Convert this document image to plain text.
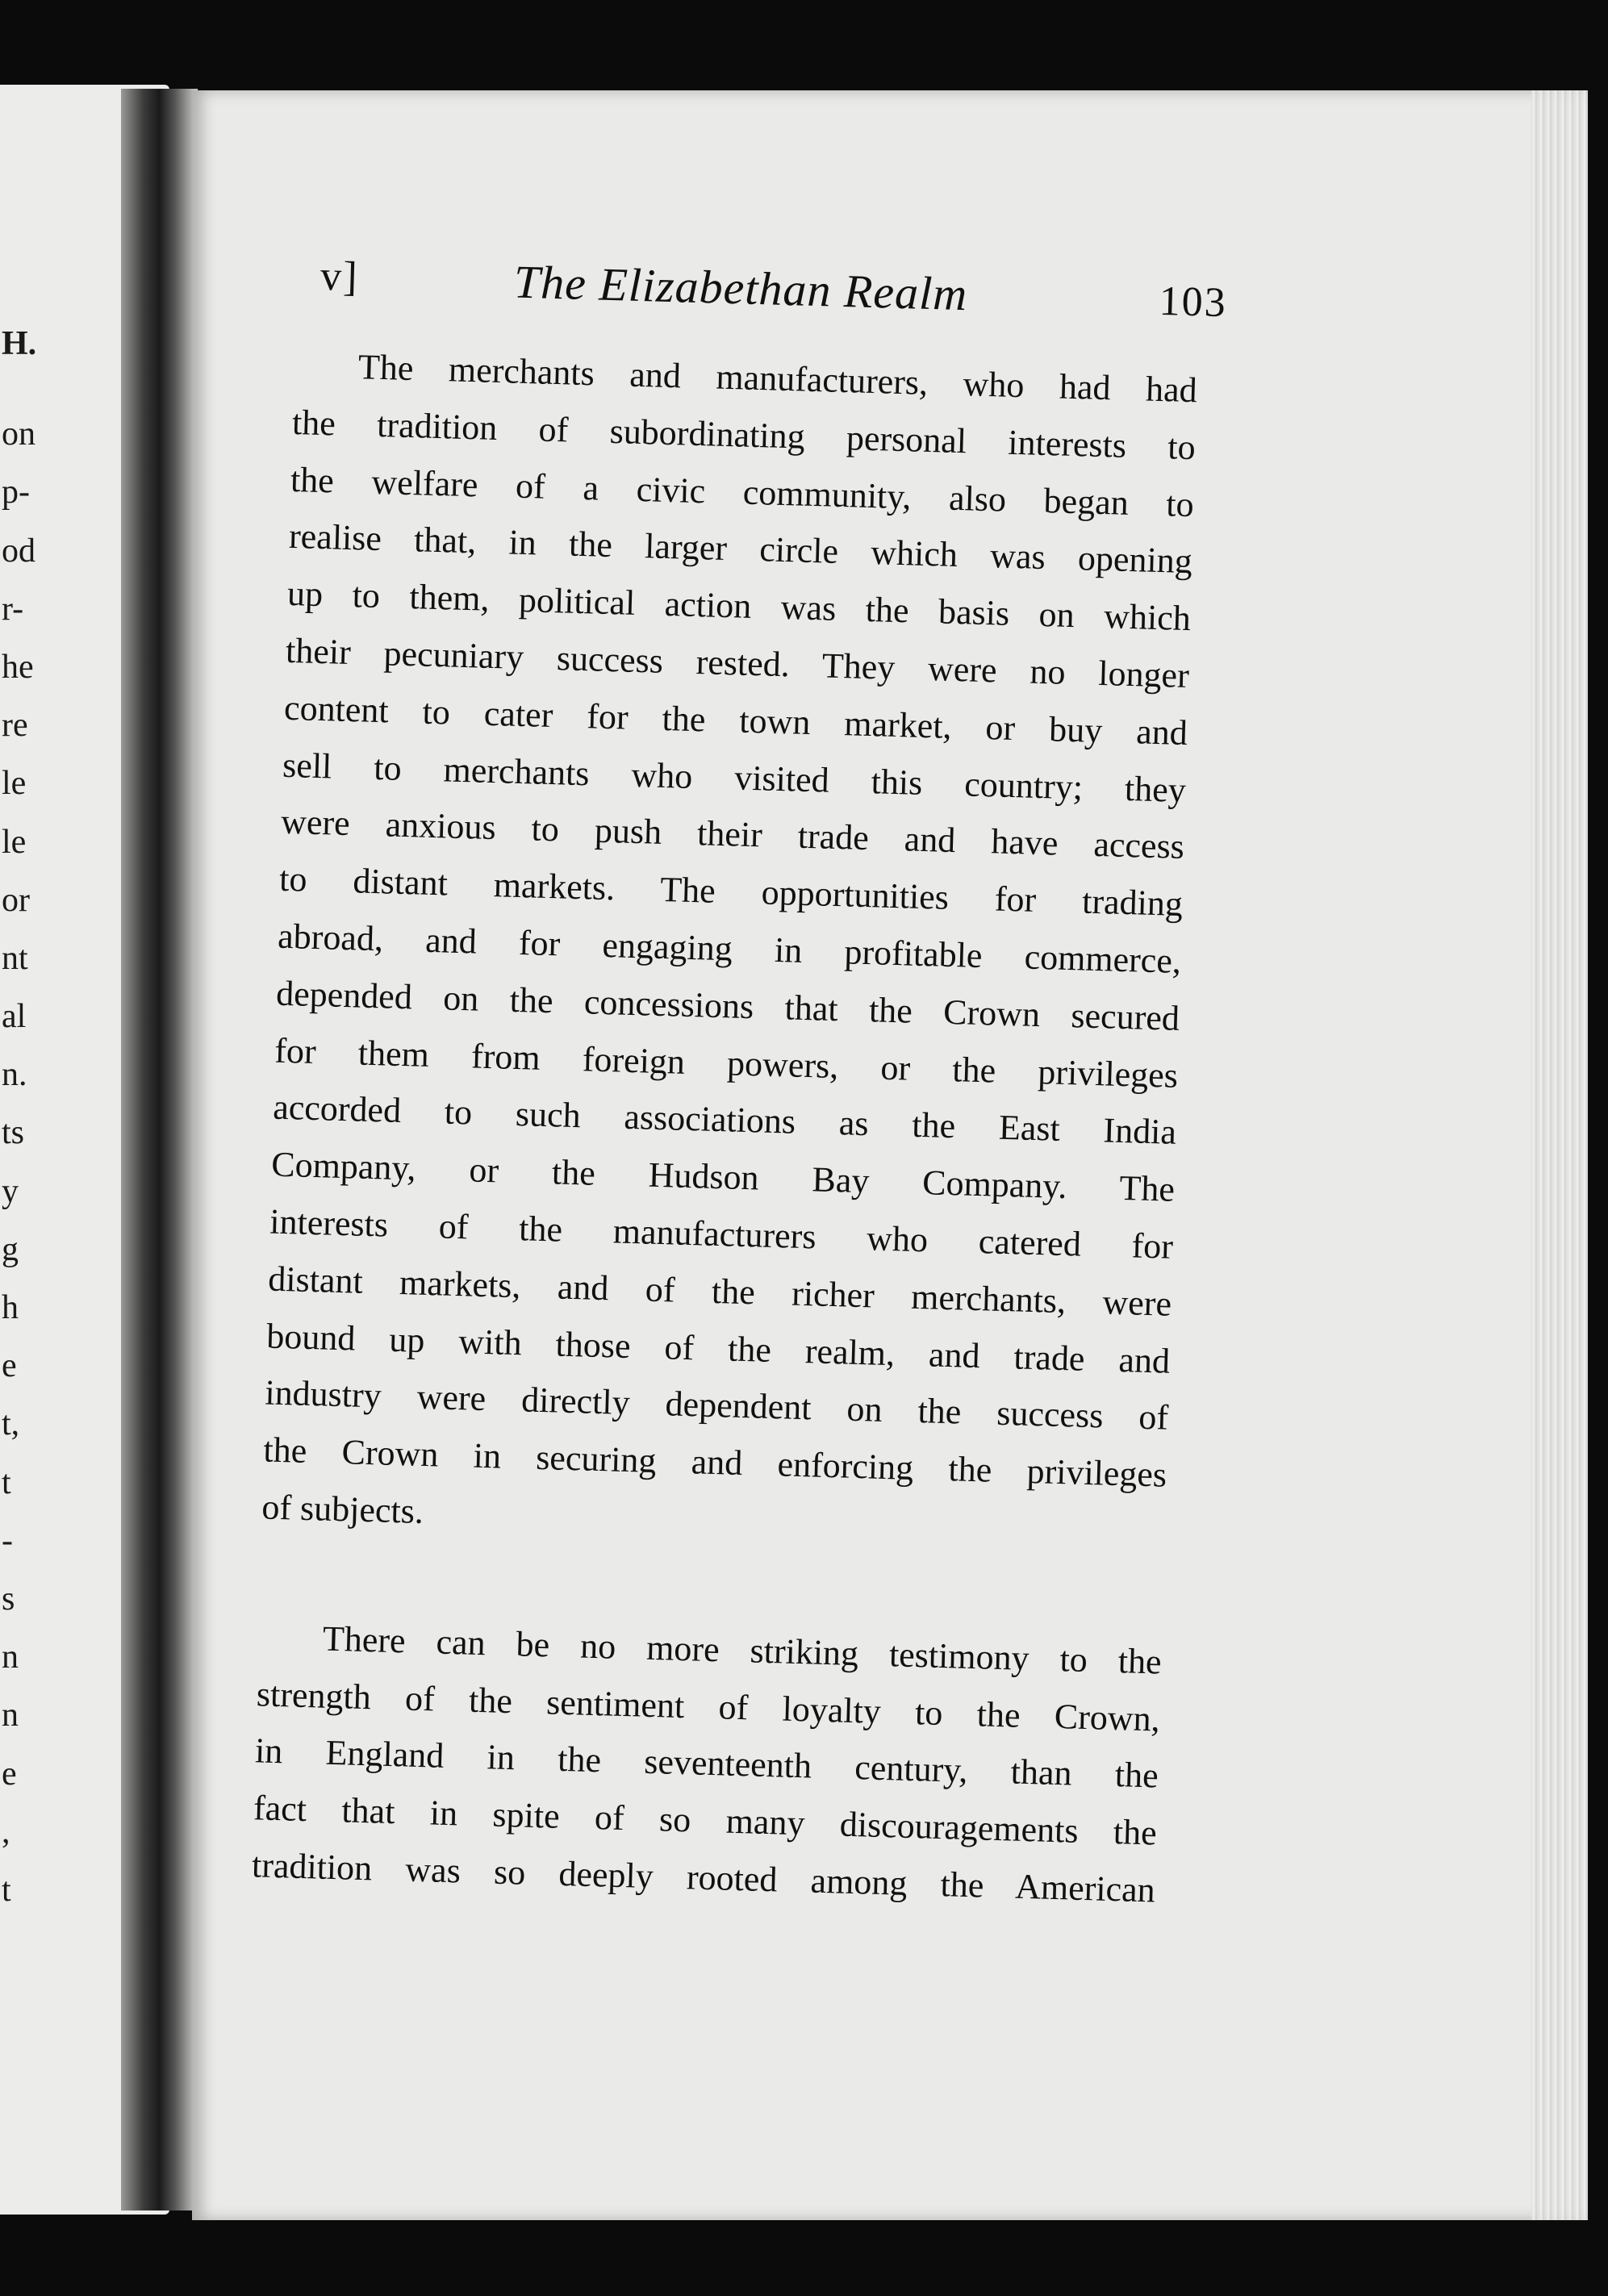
H.
on
p-
od
r-
he
re
le
le
or
nt
al
n.
ts
y
g
h
e
t,
t
-
s
n
n
e
,
t
v]	The Elizabethan Realm	103
The merchants and manufacturers, who had had
the tradition of subordinating personal interests to
the welfare of a civic community, also began to
realise that, in the larger circle which was opening
up to them, political action was the basis on which
their pecuniary success rested. They were no longer
content to cater for the town market, or buy and
sell to merchants who visited this country; they
were anxious to push their trade and have access
to distant markets. The opportunities for trading
abroad, and for engaging in profitable commerce,
depended on the concessions that the Crown secured
for them from foreign powers, or the privileges
accorded to such associations as the East India
Company, or the Hudson Bay Company. The
interests of the manufacturers who catered for
distant markets, and of the richer merchants, were
bound up with those of the realm, and trade and
industry were directly dependent on the success of
the Crown in securing and enforcing the privileges
of subjects.
There can be no more striking testimony to the
strength of the sentiment of loyalty to the Crown,
in England in the seventeenth century, than the
fact that in spite of so many discouragements the
tradition was so deeply rooted among the American
